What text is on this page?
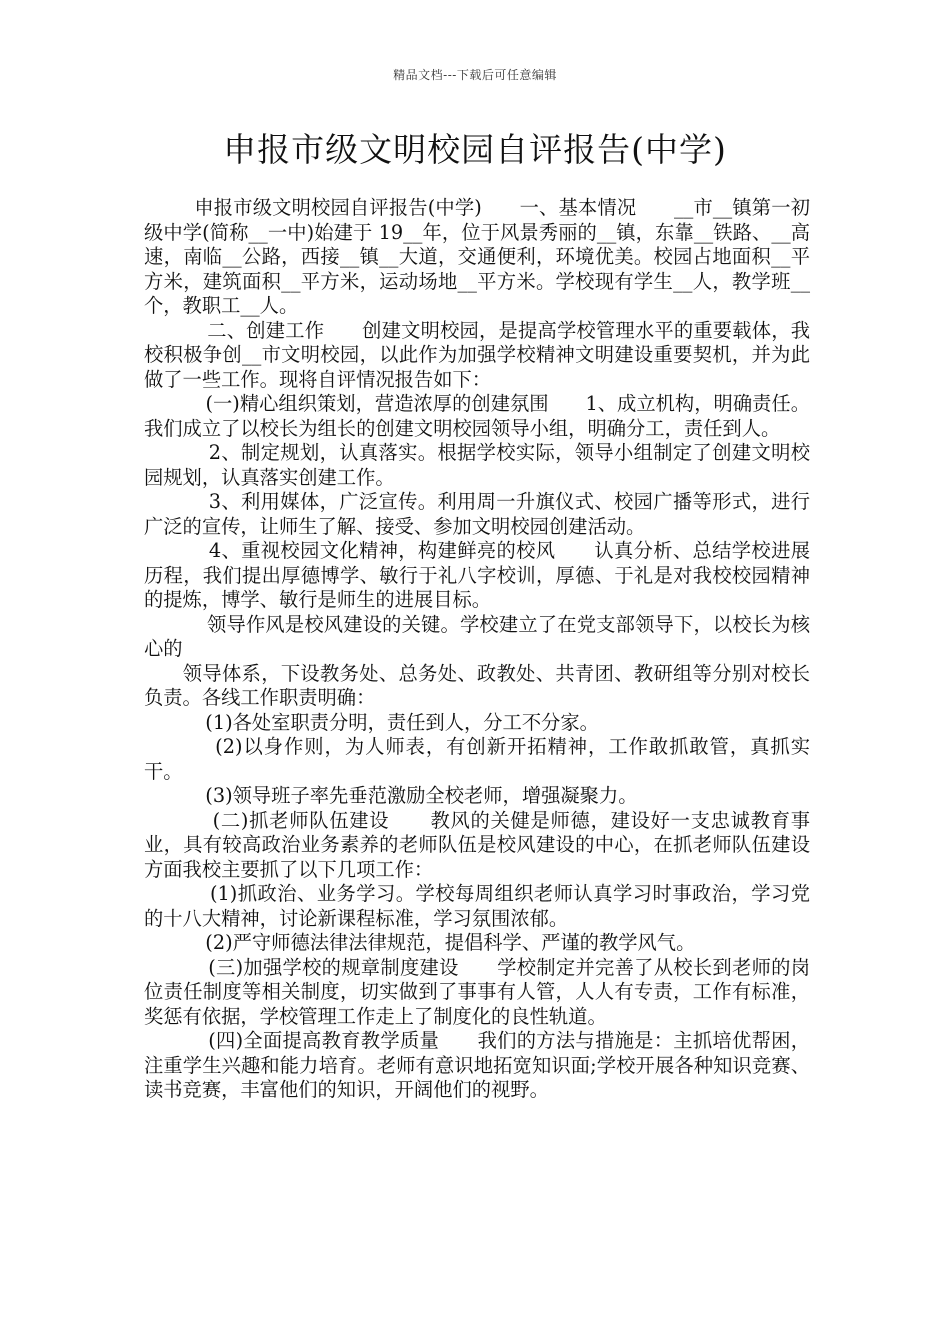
精品文档---下载后可任意编辑
申报市级文明校园自评报告(中学)

申报市级文明校园自评报告(中学)      一、基本情况      __市__镇第一初级中学(简称__一中)始建于 19__年，位于风景秀丽的__镇，东靠__铁路、__高速，南临__公路，西接__镇__大道，交通便利，环境优美。校园占地面积__平方米，建筑面积__平方米，运动场地__平方米。学校现有学生__人，教学班__个，教职工__人。

二、创建工作      创建文明校园，是提高学校管理水平的重要载体，我校积极争创__市文明校园，以此作为加强学校精神文明建设重要契机，并为此做了一些工作。现将自评情况报告如下：

(一)精心组织策划，营造浓厚的创建氛围      1、成立机构，明确责任。我们成立了以校长为组长的创建文明校园领导小组，明确分工，责任到人。

2、制定规划，认真落实。根据学校实际，领导小组制定了创建文明校园规划，认真落实创建工作。

3、利用媒体，广泛宣传。利用周一升旗仪式、校园广播等形式，进行广泛的宣传，让师生了解、接受、参加文明校园创建活动。

4、重视校园文化精神，构建鲜亮的校风      认真分析、总结学校进展历程，我们提出厚德博学、敏行于礼八字校训，厚德、于礼是对我校校园精神的提炼，博学、敏行是师生的进展目标。

领导作风是校风建设的关键。学校建立了在党支部领导下，以校长为核心的

领导体系，下设教务处、总务处、政教处、共青团、教研组等分别对校长负责。各线工作职责明确：

(1)各处室职责分明，责任到人，分工不分家。

(2)以身作则，为人师表，有创新开拓精神，工作敢抓敢管，真抓实干。

(3)领导班子率先垂范激励全校老师，增强凝聚力。

(二)抓老师队伍建设      教风的关健是师德，建设好一支忠诚教育事业，具有较高政治业务素养的老师队伍是校风建设的中心，在抓老师队伍建设方面我校主要抓了以下几项工作：

(1)抓政治、业务学习。学校每周组织老师认真学习时事政治，学习党的十八大精神，讨论新课程标准，学习氛围浓郁。

(2)严守师德法律法律规范，提倡科学、严谨的教学风气。

(三)加强学校的规章制度建设      学校制定并完善了从校长到老师的岗位责任制度等相关制度，切实做到了事事有人管，人人有专责，工作有标准，奖惩有依据，学校管理工作走上了制度化的良性轨道。

(四)全面提高教育教学质量      我们的方法与措施是：主抓培优帮困，注重学生兴趣和能力培育。老师有意识地拓宽知识面;学校开展各种知识竞赛、读书竞赛，丰富他们的知识，开阔他们的视野。
